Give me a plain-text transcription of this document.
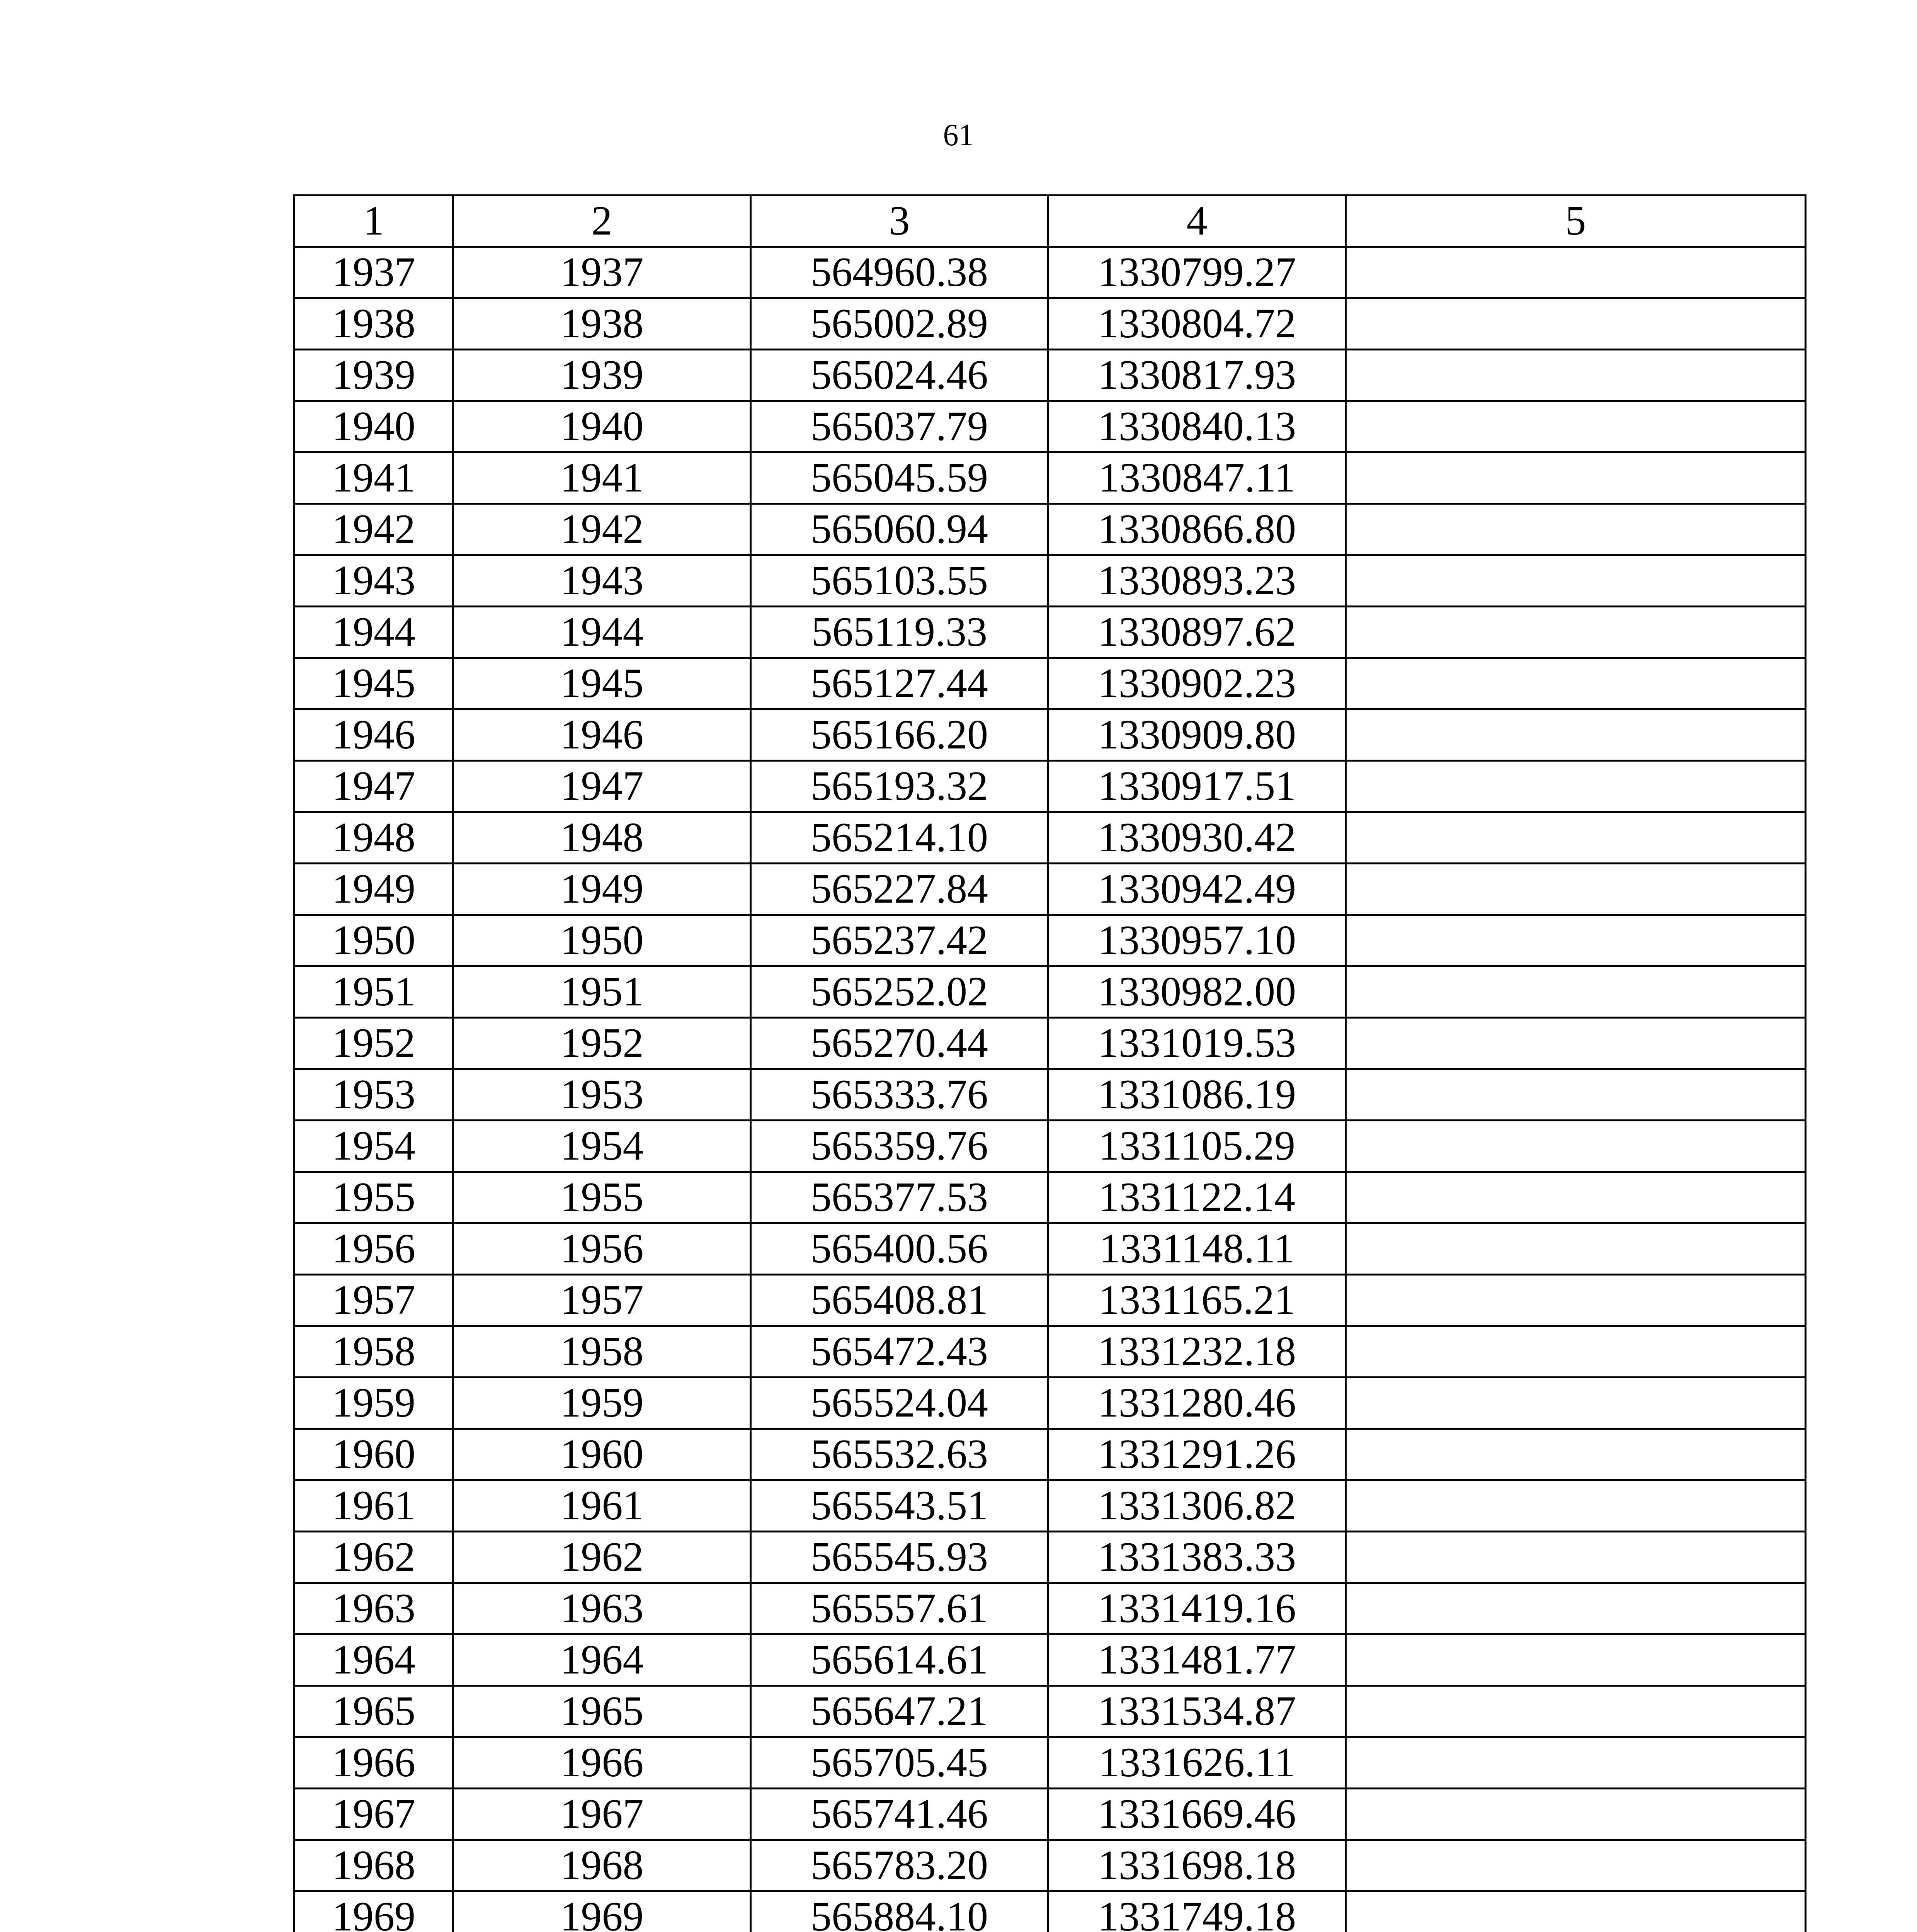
61
1	2	3	4	5
1937	1937	564960.38	1330799.27	
1938	1938	565002.89	1330804.72	
1939	1939	565024.46	1330817.93	
1940	1940	565037.79	1330840.13	
1941	1941	565045.59	1330847.11	
1942	1942	565060.94	1330866.80	
1943	1943	565103.55	1330893.23	
1944	1944	565119.33	1330897.62	
1945	1945	565127.44	1330902.23	
1946	1946	565166.20	1330909.80	
1947	1947	565193.32	1330917.51	
1948	1948	565214.10	1330930.42	
1949	1949	565227.84	1330942.49	
1950	1950	565237.42	1330957.10	
1951	1951	565252.02	1330982.00	
1952	1952	565270.44	1331019.53	
1953	1953	565333.76	1331086.19	
1954	1954	565359.76	1331105.29	
1955	1955	565377.53	1331122.14	
1956	1956	565400.56	1331148.11	
1957	1957	565408.81	1331165.21	
1958	1958	565472.43	1331232.18	
1959	1959	565524.04	1331280.46	
1960	1960	565532.63	1331291.26	
1961	1961	565543.51	1331306.82	
1962	1962	565545.93	1331383.33	
1963	1963	565557.61	1331419.16	
1964	1964	565614.61	1331481.77	
1965	1965	565647.21	1331534.87	
1966	1966	565705.45	1331626.11	
1967	1967	565741.46	1331669.46	
1968	1968	565783.20	1331698.18	
1969	1969	565884.10	1331749.18	
